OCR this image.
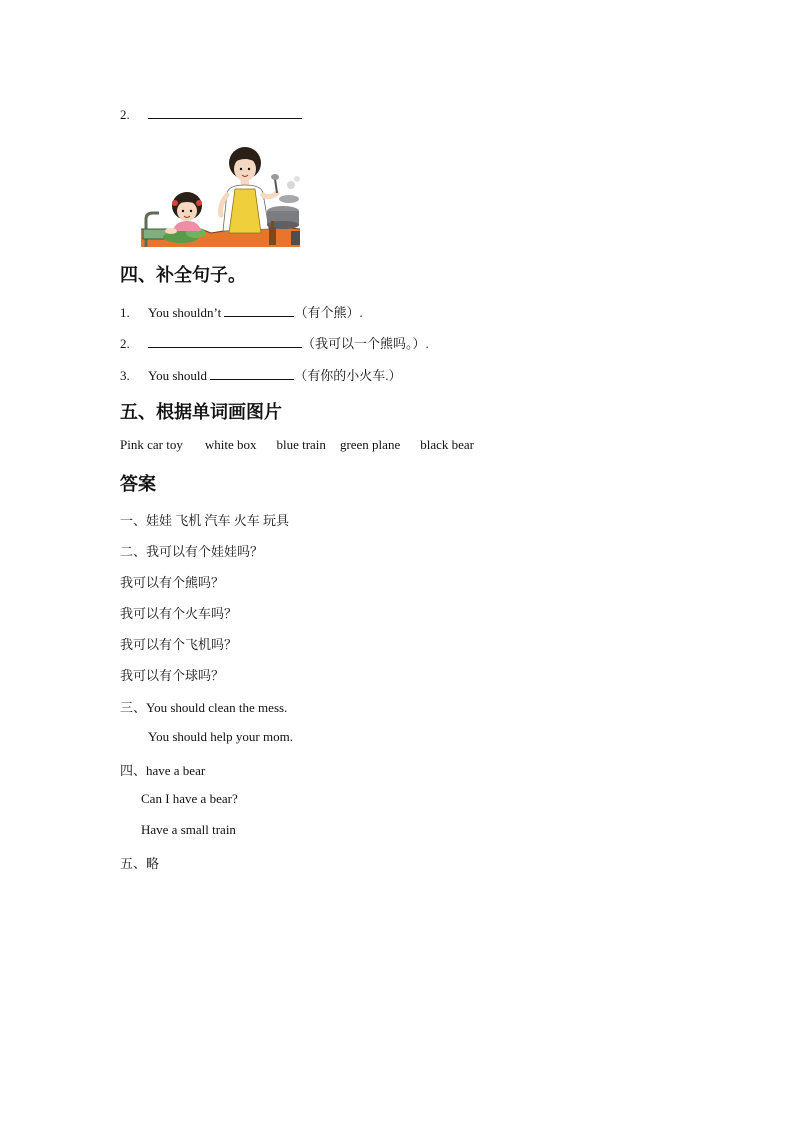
2.
四、补全句子。
1. You shouldn’t	（有个熊）.
2.	（我可以一个熊吗。）.
3. You should	（有你的小火车.）
五、根据单词画图片
Pink car toy white box blue train green plane black bear
答案
一、娃娃 飞机 汽车 火车 玩具
二、我可以有个娃娃吗？
我可以有个熊吗？
我可以有个火车吗？
我可以有个飞机吗？
我可以有个球吗？
三、You should clean the mess.
You should help your mom.
四、have a bear
Can I have a bear?
Have a small train
五、略
